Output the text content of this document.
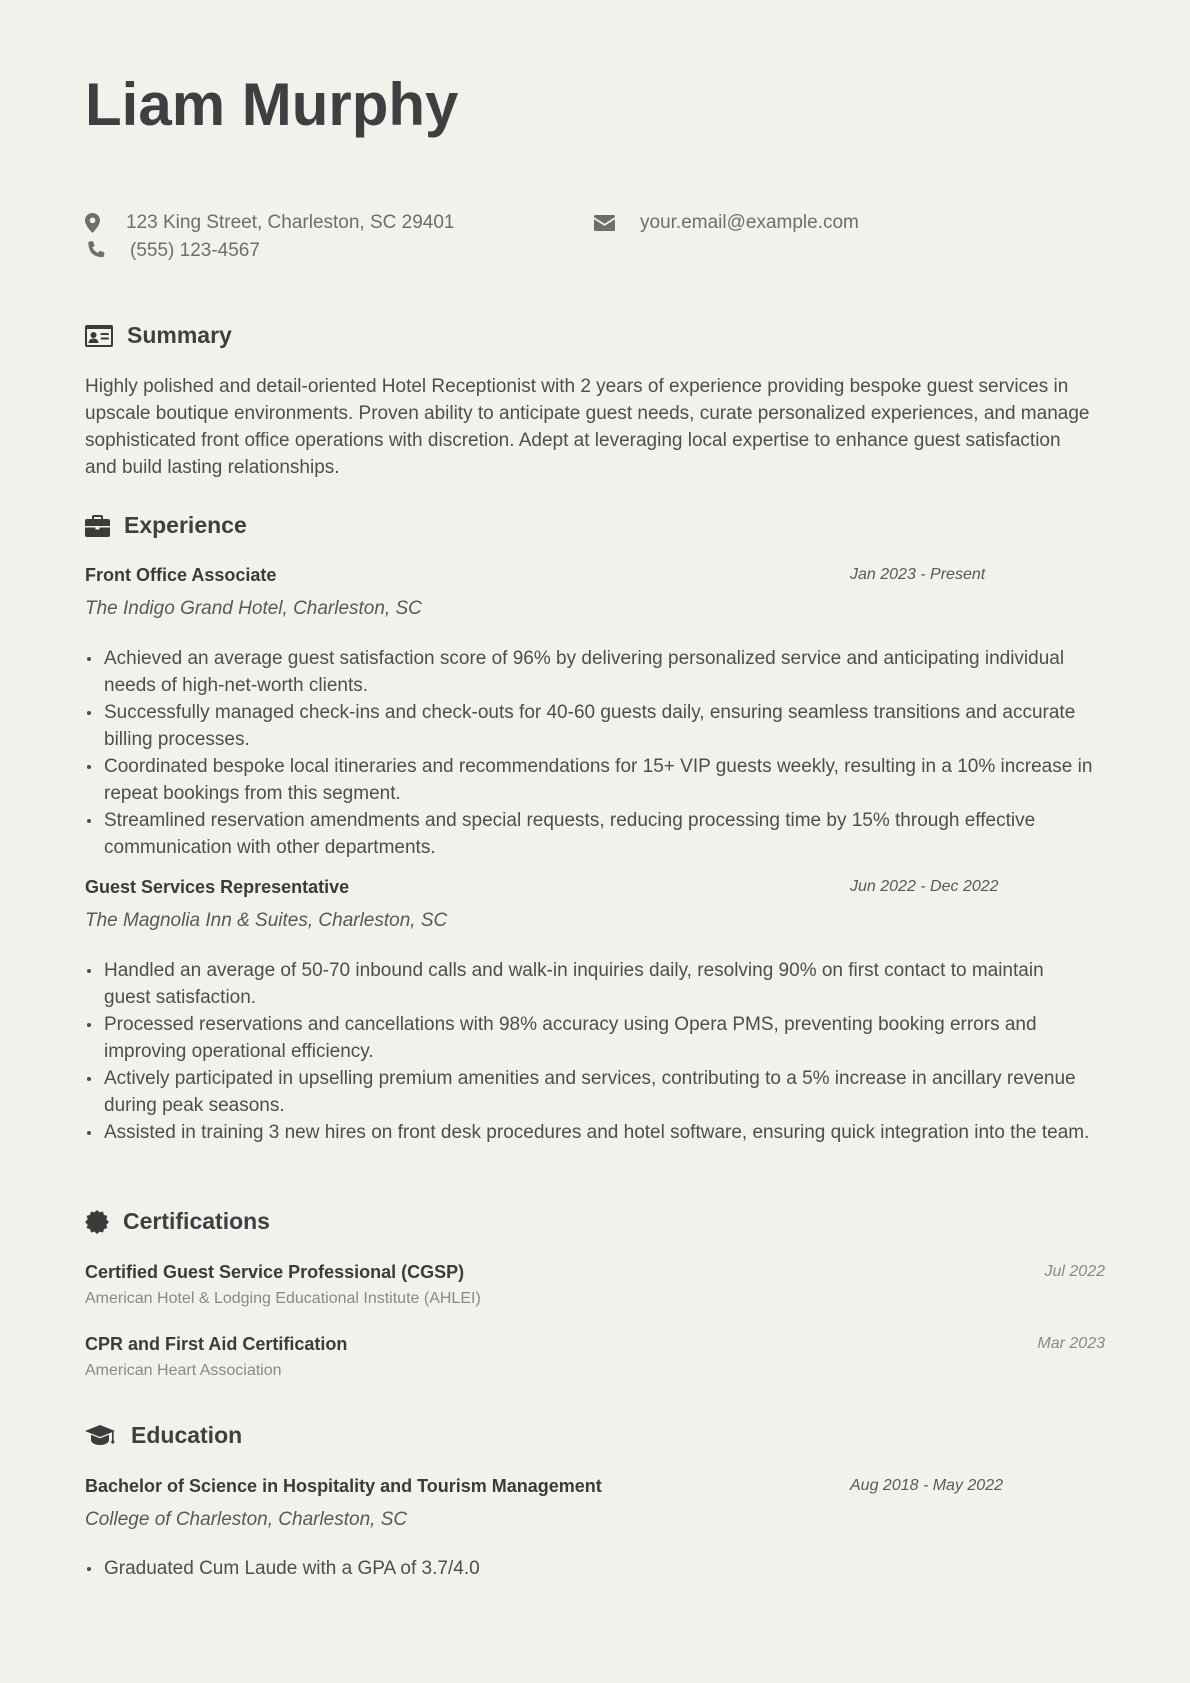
Liam Murphy
123 King Street, Charleston, SC 29401	your.email@example.com
(555) 123-4567
Summary

Highly polished and detail-oriented Hotel Receptionist with 2 years of experience providing bespoke guest services in upscale boutique environments. Proven ability to anticipate guest needs, curate personalized experiences, and manage sophisticated front office operations with discretion. Adept at leveraging local expertise to enhance guest satisfaction and build lasting relationships.

Experience
Front Office Associate	Jan 2023 - Present
The Indigo Grand Hotel, Charleston, SC
Achieved an average guest satisfaction score of 96% by delivering personalized service and anticipating individual needs of high-net-worth clients.
Successfully managed check-ins and check-outs for 40-60 guests daily, ensuring seamless transitions and accurate billing processes.
Coordinated bespoke local itineraries and recommendations for 15+ VIP guests weekly, resulting in a 10% increase in repeat bookings from this segment.
Streamlined reservation amendments and special requests, reducing processing time by 15% through effective communication with other departments.
Guest Services Representative	Jun 2022 - Dec 2022
The Magnolia Inn & Suites, Charleston, SC
Handled an average of 50-70 inbound calls and walk-in inquiries daily, resolving 90% on first contact to maintain guest satisfaction.
Processed reservations and cancellations with 98% accuracy using Opera PMS, preventing booking errors and improving operational efficiency.
Actively participated in upselling premium amenities and services, contributing to a 5% increase in ancillary revenue during peak seasons.
Assisted in training 3 new hires on front desk procedures and hotel software, ensuring quick integration into the team.
Certifications
Certified Guest Service Professional (CGSP)	Jul 2022
American Hotel & Lodging Educational Institute (AHLEI)
CPR and First Aid Certification	Mar 2023
American Heart Association
Education
Bachelor of Science in Hospitality and Tourism Management	Aug 2018 - May 2022
College of Charleston, Charleston, SC
Graduated Cum Laude with a GPA of 3.7/4.0
